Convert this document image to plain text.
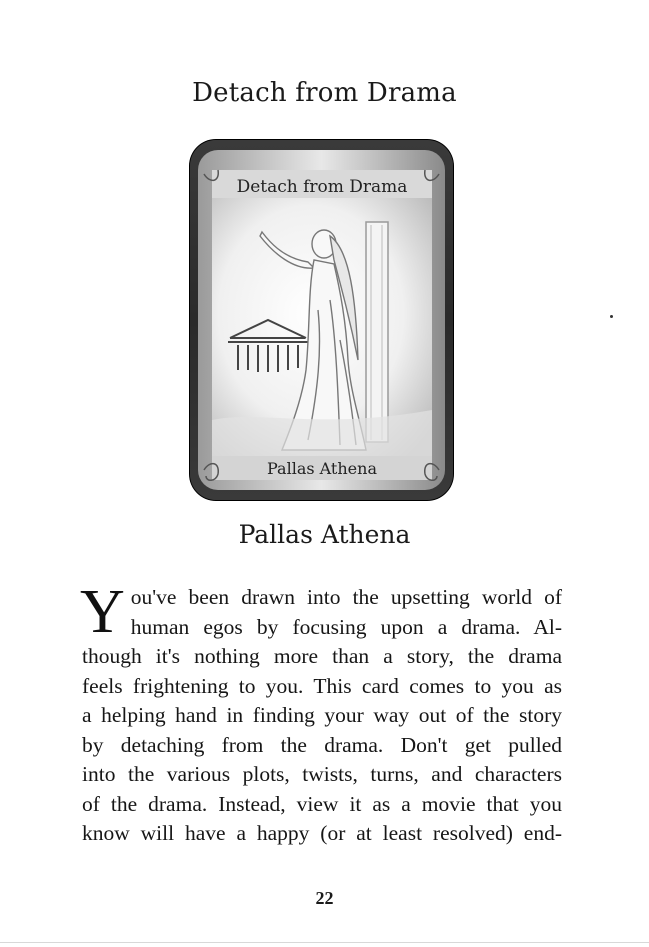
Detach from Drama
Detach from Drama
Pallas Athena
Pallas Athena
Y ou've been drawn into the upsetting world of
human egos by focusing upon a drama. Al-
though it's nothing more than a story, the drama
feels frightening to you. This card comes to you as
a helping hand in finding your way out of the story
by detaching from the drama. Don't get pulled
into the various plots, twists, turns, and characters
of the drama. Instead, view it as a movie that you
know will have a happy (or at least resolved) end-
22
